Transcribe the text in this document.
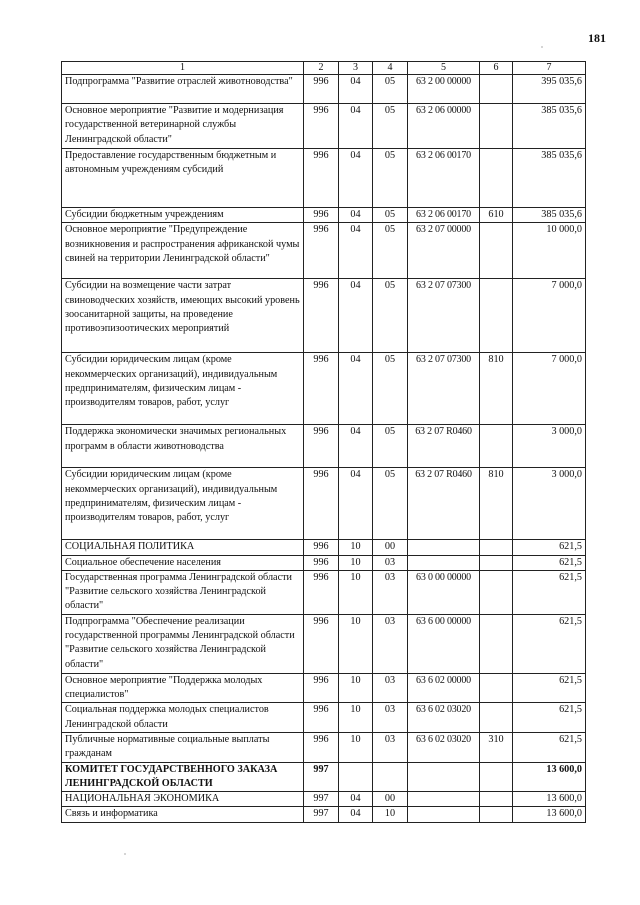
181
1	2	3	4	5	6	7
Подпрограмма "Развитие отраслей животноводства"	996	04	05	63 2 00 00000		395 035,6
Основное мероприятие "Развитие и модернизация государственной ветеринарной службы Ленинградской области"	996	04	05	63 2 06 00000		385 035,6
Предоставление государственным бюджетным и автономным учреждениям субсидий	996	04	05	63 2 06 00170		385 035,6
Субсидии бюджетным учреждениям	996	04	05	63 2 06 00170	610	385 035,6
Основное мероприятие "Предупреждение возникновения и распространения африканской чумы свиней на территории Ленинградской области"	996	04	05	63 2 07 00000		10 000,0
Субсидии на возмещение части затрат свиноводческих хозяйств, имеющих высокий уровень зоосанитарной защиты, на проведение противоэпизоотических мероприятий	996	04	05	63 2 07 07300		7 000,0
Субсидии юридическим лицам (кроме некоммерческих организаций), индивидуальным предпринимателям, физическим лицам - производителям товаров, работ, услуг	996	04	05	63 2 07 07300	810	7 000,0
Поддержка экономически значимых региональных программ в области животноводства	996	04	05	63 2 07 R0460		3 000,0
Субсидии юридическим лицам (кроме некоммерческих организаций), индивидуальным предпринимателям, физическим лицам - производителям товаров, работ, услуг	996	04	05	63 2 07 R0460	810	3 000,0
СОЦИАЛЬНАЯ ПОЛИТИКА	996	10	00			621,5
Социальное обеспечение населения	996	10	03			621,5
Государственная программа Ленинградской области "Развитие сельского хозяйства Ленинградской области"	996	10	03	63 0 00 00000		621,5
Подпрограмма "Обеспечение реализации государственной программы Ленинградской области "Развитие сельского хозяйства Ленинградской области"	996	10	03	63 6 00 00000		621,5
Основное мероприятие "Поддержка молодых специалистов"	996	10	03	63 6 02 00000		621,5
Социальная поддержка молодых специалистов Ленинградской области	996	10	03	63 6 02 03020		621,5
Публичные нормативные социальные выплаты гражданам	996	10	03	63 6 02 03020	310	621,5
КОМИТЕТ ГОСУДАРСТВЕННОГО ЗАКАЗА ЛЕНИНГРАДСКОЙ ОБЛАСТИ	997					13 600,0
НАЦИОНАЛЬНАЯ ЭКОНОМИКА	997	04	00			13 600,0
Связь и информатика	997	04	10			13 600,0
